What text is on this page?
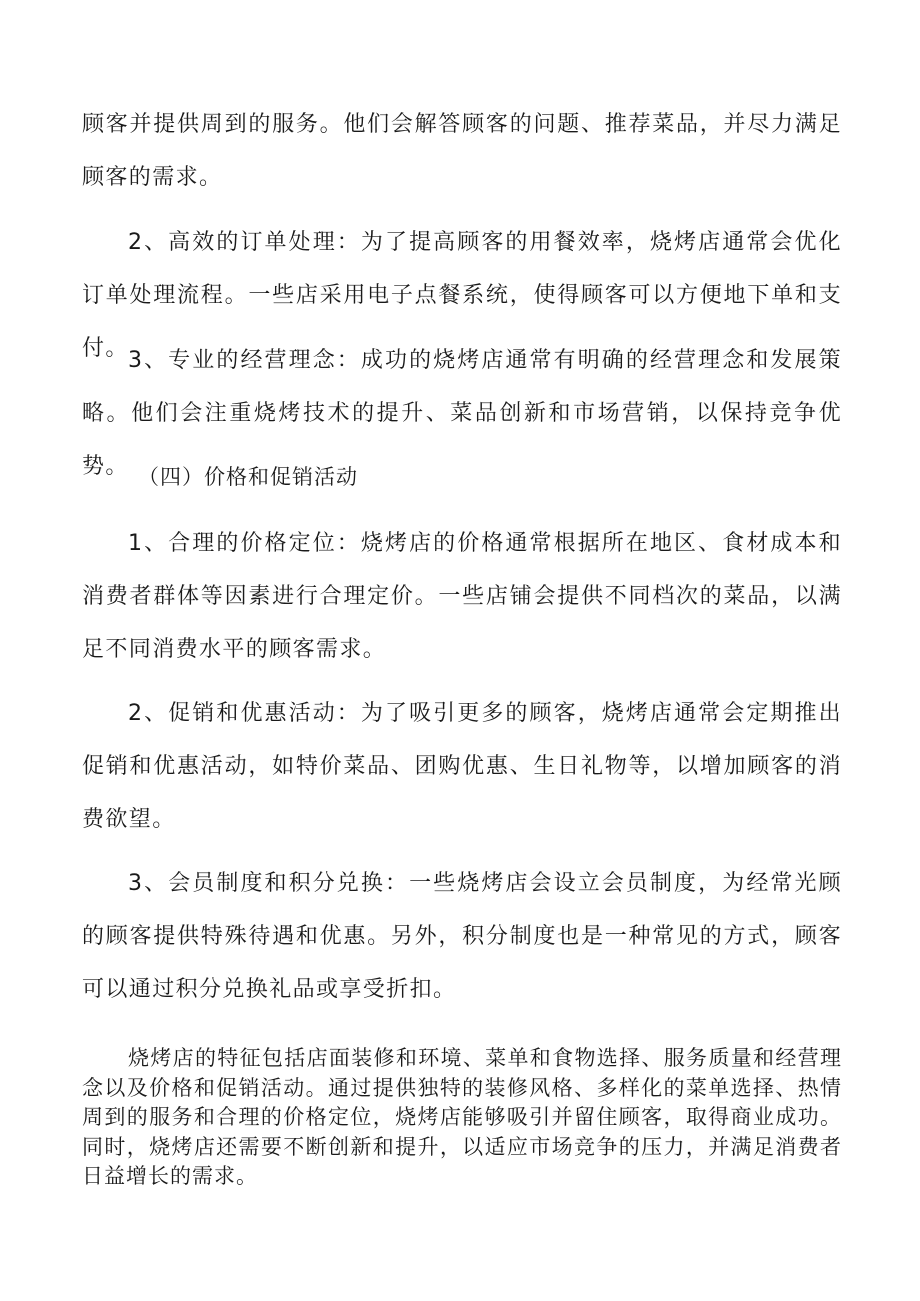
顾客并提供周到的服务。他们会解答顾客的问题、推荐菜品，并尽力满足顾客的需求。

2、高效的订单处理：为了提高顾客的用餐效率，烧烤店通常会优化订单处理流程。一些店采用电子点餐系统，使得顾客可以方便地下单和支付。 3、专业的经营理念：成功的烧烤店通常有明确的经营理念和发展策略。他们会注重烧烤技术的提升、菜品创新和市场营销，以保持竞争优势。 （四）价格和促销活动

1、合理的价格定位：烧烤店的价格通常根据所在地区、食材成本和消费者群体等因素进行合理定价。一些店铺会提供不同档次的菜品，以满足不同消费水平的顾客需求。

2、促销和优惠活动：为了吸引更多的顾客，烧烤店通常会定期推出促销和优惠活动，如特价菜品、团购优惠、生日礼物等，以增加顾客的消费欲望。

3、会员制度和积分兑换：一些烧烤店会设立会员制度，为经常光顾的顾客提供特殊待遇和优惠。另外，积分制度也是一种常见的方式，顾客可以通过积分兑换礼品或享受折扣。

烧烤店的特征包括店面装修和环境、菜单和食物选择、服务质量和经营理念以及价格和促销活动。通过提供独特的装修风格、多样化的菜单选择、热情周到的服务和合理的价格定位，烧烤店能够吸引并留住顾客，取得商业成功。同时，烧烤店还需要不断创新和提升，以适应市场竞争的压力，并满足消费者日益增长的需求。
